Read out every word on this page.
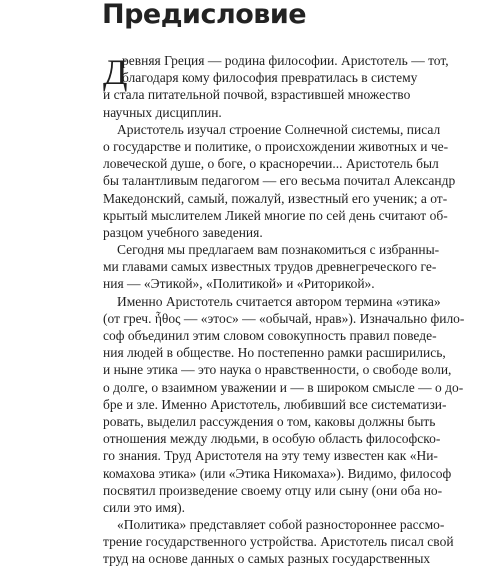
Предисловие
Д
ревняя Греция — родина философии. Аристотель — тот,
благодаря кому философия превратилась в систему
и стала питательной почвой, взрастившей множество
научных дисциплин.
Аристотель изучал строение Солнечной системы, писал
о государстве и политике, о происхождении животных и че-
ловеческой душе, о боге, о красноречии... Аристотель был
бы талантливым педагогом — его весьма почитал Александр
Македонский, самый, пожалуй, известный его ученик; а от-
крытый мыслителем Ликей многие по сей день считают об-
разцом учебного заведения.
Сегодня мы предлагаем вам познакомиться с избранны-
ми главами самых известных трудов древнегреческого ге-
ния — «Этикой», «Политикой» и «Риторикой».
Именно Аристотель считается автором термина «этика»
(от греч. ἦθος — «этос» — «обычай, нрав»). Изначально фило-
соф объединил этим словом совокупность правил поведе-
ния людей в обществе. Но постепенно рамки расширились,
и ныне этика — это наука о нравственности, о свободе воли,
о долге, о взаимном уважении и — в широком смысле — о до-
бре и зле. Именно Аристотель, любивший все систематизи-
ровать, выделил рассуждения о том, каковы должны быть
отношения между людьми, в особую область философско-
го знания. Труд Аристотеля на эту тему известен как «Ни-
комахова этика» (или «Этика Никомаха»). Видимо, философ
посвятил произведение своему отцу или сыну (они оба но-
сили это имя).
«Политика» представляет собой разностороннее рассмо-
трение государственного устройства. Аристотель писал свой
труд на основе данных о самых разных государственных
